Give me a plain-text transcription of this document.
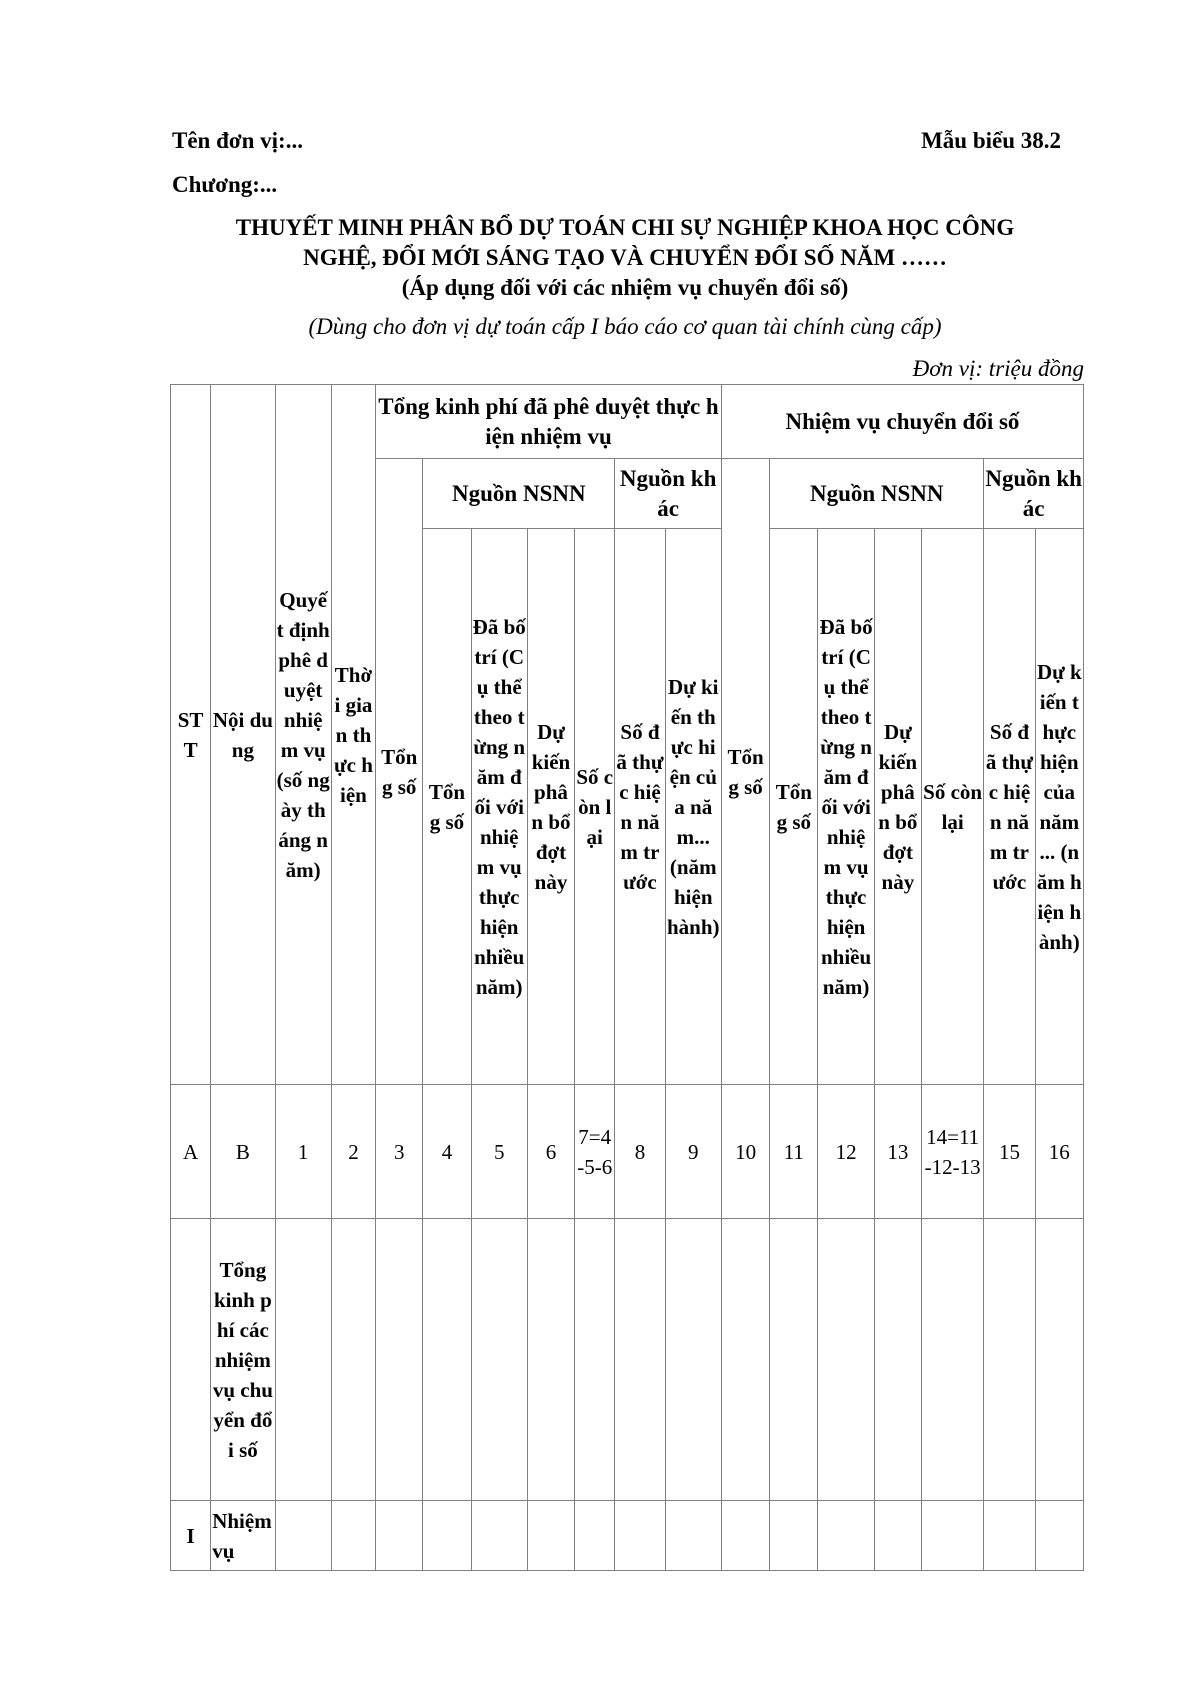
Tên đơn vị:...	Mẫu biểu 38.2
Chương:...
THUYẾT MINH PHÂN BỔ DỰ TOÁN CHI SỰ NGHIỆP KHOA HỌC CÔNG
NGHỆ, ĐỔI MỚI SÁNG TẠO VÀ CHUYỂN ĐỔI SỐ NĂM ……
(Áp dụng đối với các nhiệm vụ chuyển đổi số)
(Dùng cho đơn vị dự toán cấp I báo cáo cơ quan tài chính cùng cấp)
Đơn vị: triệu đồng
STT	Nội dung	Quyết định phê duyệt nhiệm vụ (số ngày tháng năm)	Thời gian thực hiện	Tổng kinh phí đã phê duyệt thực hiện nhiệm vụ							Nhiệm vụ chuyển đổi số						
				Tổng số	Nguồn NSNN				Nguồn khác		Tổng số	Nguồn NSNN				Nguồn khác	
					Tổng số	Đã bố trí (Cụ thể theo từng năm đối với nhiệm vụ thực hiện nhiều năm)	Dự kiến phân bổ đợt này	Số còn lại	Số đã thực hiện năm trước	Dự kiến thực hiện của năm... (năm hiện hành)		Tổng số	Đã bố trí (Cụ thể theo từng năm đối với nhiệm vụ thực hiện nhiều năm)	Dự kiến phân bổ đợt này	Số còn lại	Số đã thực hiện năm trước	Dự kiến thực hiện của năm ... (năm hiện hành)
A	B	1	2	3	4	5	6	7=4-5-6	8	9	10	11	12	13	14=11-12-13	15	16
	Tổng kinh phí các nhiệm vụ chuyển đổi số																
I	Nhiệm vụ																
